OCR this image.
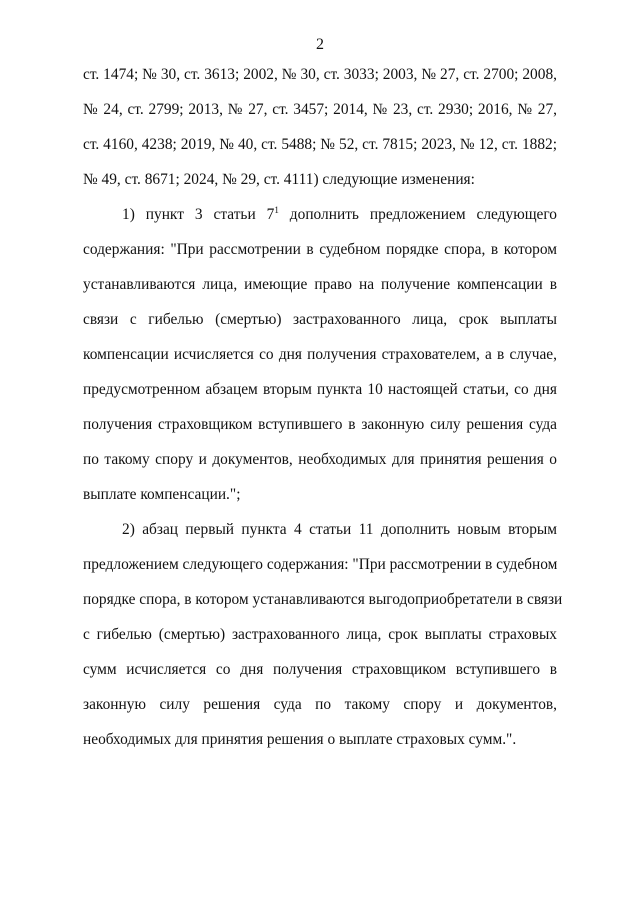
2
ст. 1474; № 30, ст. 3613; 2002, № 30, ст. 3033; 2003, № 27, ст. 2700; 2008,
№ 24, ст. 2799; 2013, № 27, ст. 3457; 2014, № 23, ст. 2930; 2016, № 27,
ст. 4160, 4238; 2019, № 40, ст. 5488; № 52, ст. 7815; 2023, № 12, ст. 1882;
№ 49, ст. 8671; 2024, № 29, ст. 4111) следующие изменения:
1) пункт 3 статьи $7^1$ дополнить предложением следующего
содержания: "При рассмотрении в судебном порядке спора, в котором
устанавливаются лица, имеющие право на получение компенсации в
связи с гибелью (смертью) застрахованного лица, срок выплаты
компенсации исчисляется со дня получения страхователем, а в случае,
предусмотренном абзацем вторым пункта 10 настоящей статьи, со дня
получения страховщиком вступившего в законную силу решения суда
по такому спору и документов, необходимых для принятия решения о
выплате компенсации.";
2) абзац первый пункта 4 статьи 11 дополнить новым вторым
предложением следующего содержания: "При рассмотрении в судебном
порядке спора, в котором устанавливаются выгодоприобретатели в связи
с гибелью (смертью) застрахованного лица, срок выплаты страховых
сумм исчисляется со дня получения страховщиком вступившего в
законную силу решения суда по такому спору и документов,
необходимых для принятия решения о выплате страховых сумм.".
